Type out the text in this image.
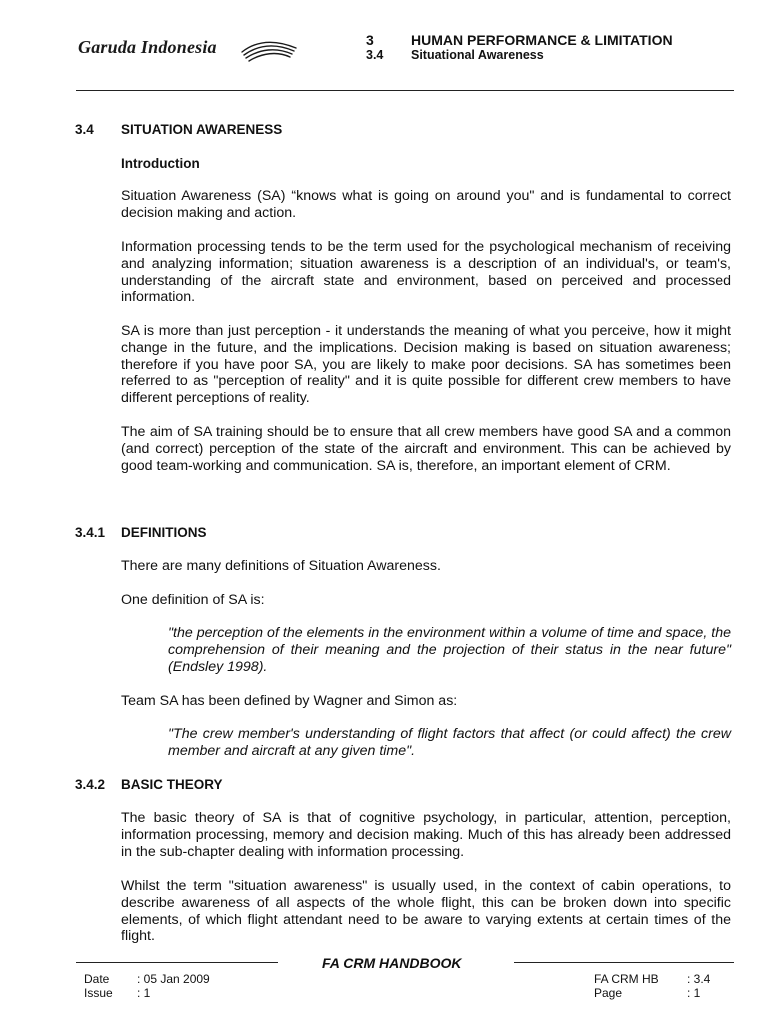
Garuda Indonesia	3	HUMAN PERFORMANCE & LIMITATION
3.4 Situational Awareness
3.4 SITUATION AWARENESS
Introduction
Situation Awareness (SA) “knows what is going on around you" and is fundamental to correct decision making and action.
Information processing tends to be the term used for the psychological mechanism of receiving and analyzing information; situation awareness is a description of an individual's, or team's, understanding of the aircraft state and environment, based on perceived and processed information.
SA is more than just perception - it understands the meaning of what you perceive, how it might change in the future, and the implications. Decision making is based on situation awareness; therefore if you have poor SA, you are likely to make poor decisions. SA has sometimes been referred to as "perception of reality" and it is quite possible for different crew members to have different perceptions of reality.
The aim of SA training should be to ensure that all crew members have good SA and a common (and correct) perception of the state of the aircraft and environment. This can be achieved by good team-working and communication. SA is, therefore, an important element of CRM.
3.4.1 DEFINITIONS
There are many definitions of Situation Awareness.
One definition of SA is:
"the perception of the elements in the environment within a volume of time and space, the comprehension of their meaning and the projection of their status in the near future" (Endsley 1998).
Team SA has been defined by Wagner and Simon as:
"The crew member's understanding of flight factors that affect (or could affect) the crew member and aircraft at any given time".
3.4.2 BASIC THEORY
The basic theory of SA is that of cognitive psychology, in particular, attention, perception, information processing, memory and decision making. Much of this has already been addressed in the sub-chapter dealing with information processing.
Whilst the term "situation awareness" is usually used, in the context of cabin operations, to describe awareness of all aspects of the whole flight, this can be broken down into specific elements, of which flight attendant need to be aware to varying extents at certain times of the flight.
FA CRM HANDBOOK
Date : 05 Jan 2009
Issue : 1
FA CRM HB : 3.4
Page	: 1
